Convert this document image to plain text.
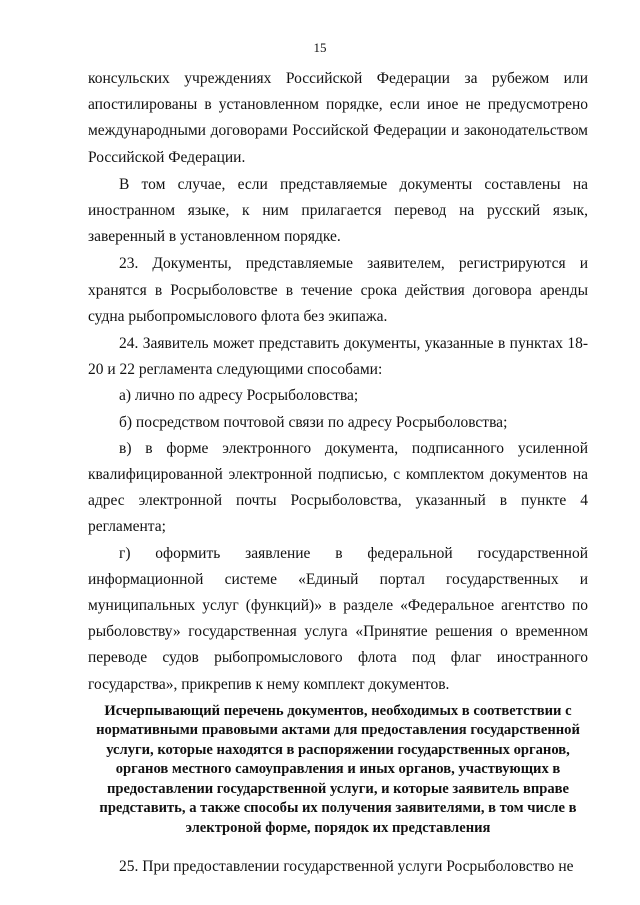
15

консульских учреждениях Российской Федерации за рубежом или апостилированы в установленном порядке, если иное не предусмотрено международными договорами Российской Федерации и законодательством Российской Федерации.

В том случае, если представляемые документы составлены на иностранном языке, к ним прилагается перевод на русский язык, заверенный в установленном порядке.

23. Документы, представляемые заявителем, регистрируются и хранятся в Росрыболовстве в течение срока действия договора аренды судна рыбопромыслового флота без экипажа.

24. Заявитель может представить документы, указанные в пунктах 18-20 и 22 регламента следующими способами:

а) лично по адресу Росрыболовства;

б) посредством почтовой связи по адресу Росрыболовства;

в) в форме электронного документа, подписанного усиленной квалифицированной электронной подписью, с комплектом документов на адрес электронной почты Росрыболовства, указанный в пункте 4 регламента;

г) оформить заявление в федеральной государственной информационной системе «Единый портал государственных и муниципальных услуг (функций)» в разделе «Федеральное агентство по рыболовству» государственная услуга «Принятие решения о временном переводе судов рыбопромыслового флота под флаг иностранного государства», прикрепив к нему комплект документов.

Исчерпывающий перечень документов, необходимых в соответствии с нормативными правовыми актами для предоставления государственной услуги, которые находятся в распоряжении государственных органов, органов местного самоуправления и иных органов, участвующих в предоставлении государственной услуги, и которые заявитель вправе представить, а также способы их получения заявителями, в том числе в электроной форме, порядок их представления

25. При предоставлении государственной услуги Росрыболовство не
